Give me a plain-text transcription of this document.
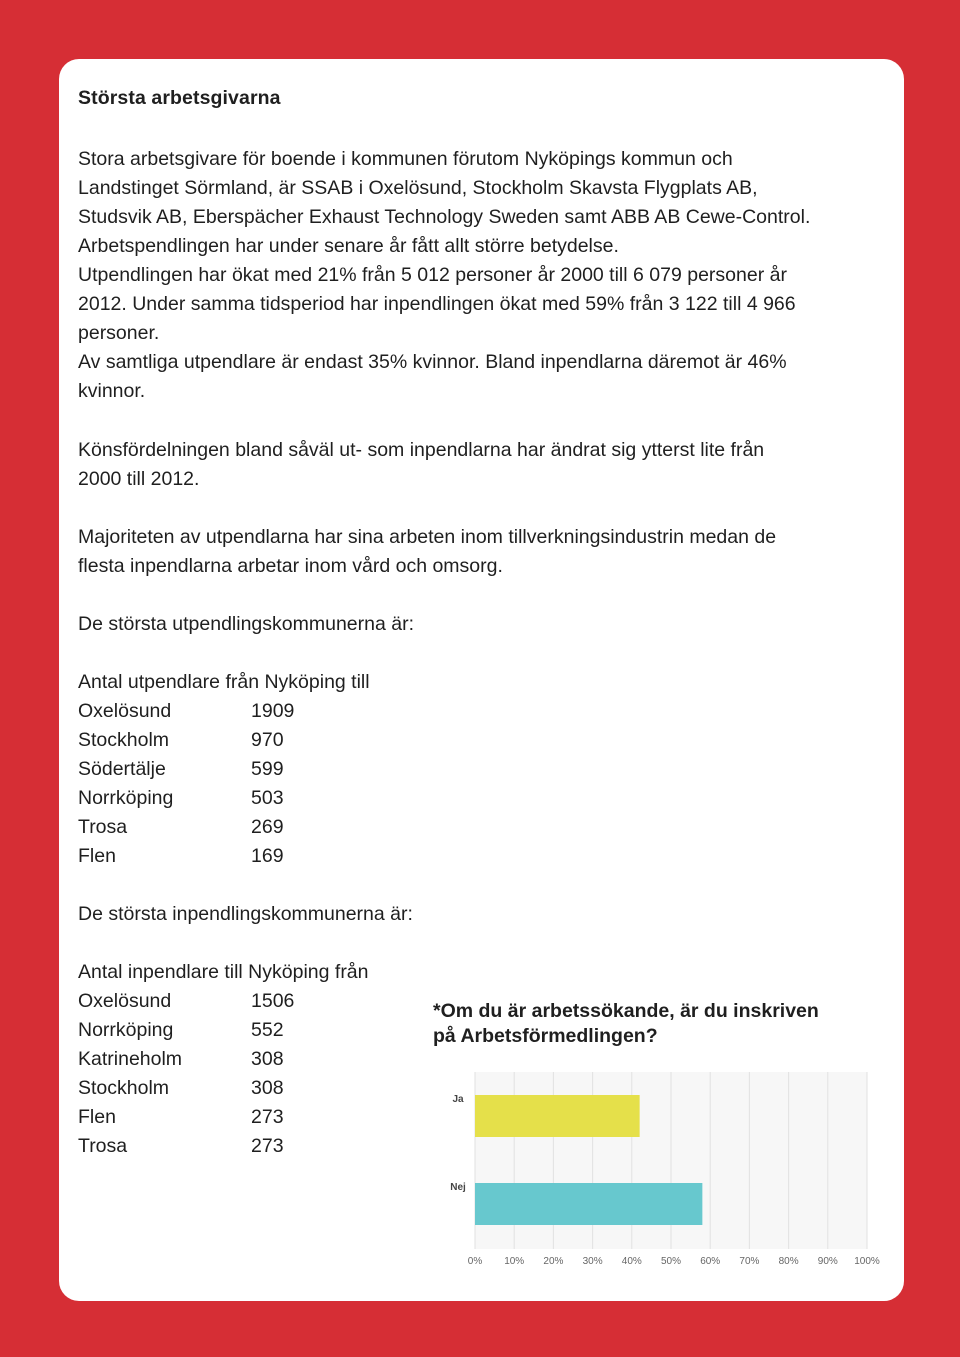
Största arbetsgivarna
Stora arbetsgivare för boende i kommunen förutom Nyköpings kommun och
Landstinget Sörmland, är SSAB i Oxelösund, Stockholm Skavsta Flygplats AB,
Studsvik AB, Eberspächer Exhaust Technology Sweden samt ABB AB Cewe-Control.
Arbetspendlingen har under senare år fått allt större betydelse.
Utpendlingen har ökat med 21% från 5 012 personer år 2000 till 6 079 personer år
2012. Under samma tidsperiod har inpendlingen ökat med 59% från 3 122 till 4 966
personer.
Av samtliga utpendlare är endast 35% kvinnor. Bland inpendlarna däremot är 46%
kvinnor.
Könsfördelningen bland såväl ut- som inpendlarna har ändrat sig ytterst lite från
2000 till 2012.
Majoriteten av utpendlarna har sina arbeten inom tillverkningsindustrin medan de
flesta inpendlarna arbetar inom vård och omsorg.
De största utpendlingskommunerna är:
Antal utpendlare från Nyköping till
Oxelösund	1909
Stockholm	970
Södertälje	599
Norrköping	503
Trosa	269
Flen	169
De största inpendlingskommunerna är:
Antal inpendlare till Nyköping från
Oxelösund	1506
Norrköping	552
Katrineholm	308
Stockholm	308
Flen	273
Trosa	273
*Om du är arbetssökande, är du inskriven
på Arbetsförmedlingen?
0% 10% 20% 30% 40% 50% 60% 70% 80% 90% 100%
Ja
Nej
